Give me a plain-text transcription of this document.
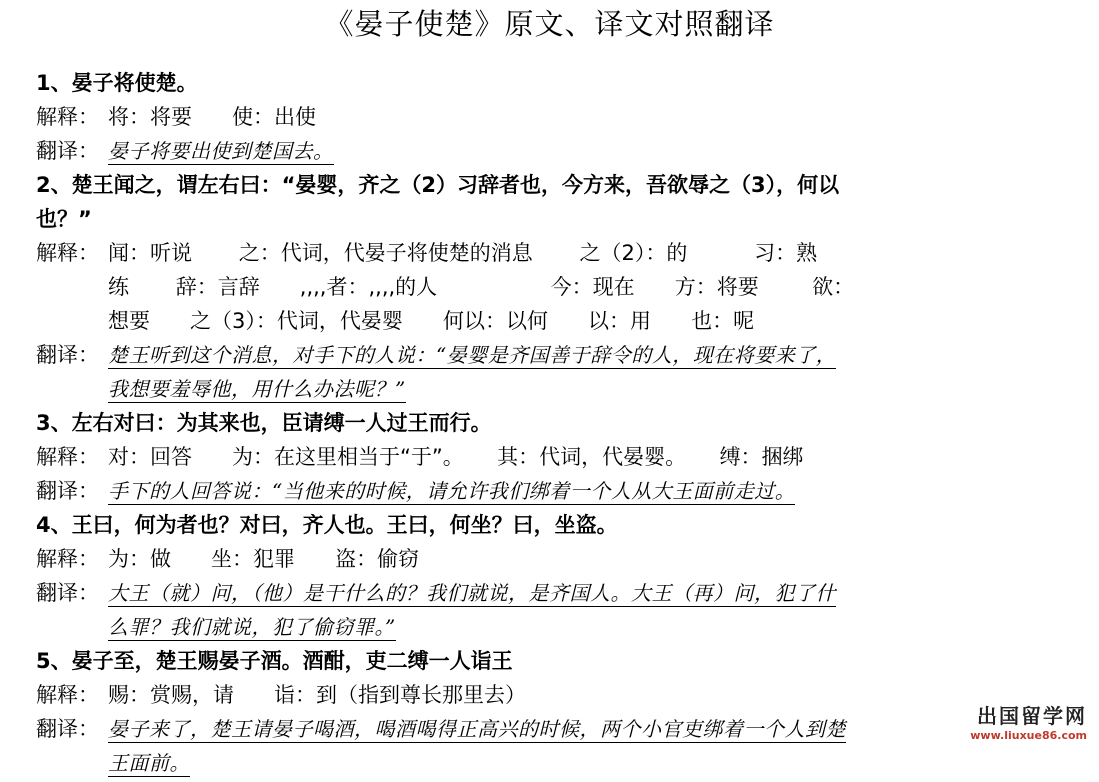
《晏子使楚》原文、译文对照翻译
1、晏子将使楚。
解释： 将：将要      使：出使
翻译： 晏子将要出使到楚国去。
2、楚王闻之，谓左右曰：“晏婴，齐之（2）习辞者也，今方来，吾欲辱之（3），何以
也？”
解释： 闻：听说       之：代词，代晏子将使楚的消息       之（2）：的          习：熟
练       辞：言辞      ,,,,者：,,,,的人                 今：现在      方：将要        欲：
想要      之（3）：代词，代晏婴      何以：以何      以：用      也：呢
翻译： 楚王听到这个消息，对手下的人说：“晏婴是齐国善于辞令的人，现在将要来了，
我想要羞辱他，用什么办法呢？”
3、左右对曰：为其来也，臣请缚一人过王而行。
解释： 对：回答      为：在这里相当于“于”。     其：代词，代晏婴。     缚：捆绑
翻译： 手下的人回答说：“当他来的时候，请允许我们绑着一个人从大王面前走过。
4、王曰，何为者也？对曰，齐人也。王曰，何坐？曰，坐盗。
解释： 为：做      坐：犯罪      盗：偷窃
翻译： 大王（就）问，（他）是干什么的？我们就说，是齐国人。大王（再）问，犯了什
么罪？我们就说，犯了偷窃罪。”
5、晏子至，楚王赐晏子酒。酒酣，吏二缚一人诣王
解释： 赐：赏赐，请      诣：到（指到尊长那里去）
翻译： 晏子来了，楚王请晏子喝酒，喝酒喝得正高兴的时候，两个小官吏绑着一个人到楚
王面前。
出国留学网
www.liuxue86.com
